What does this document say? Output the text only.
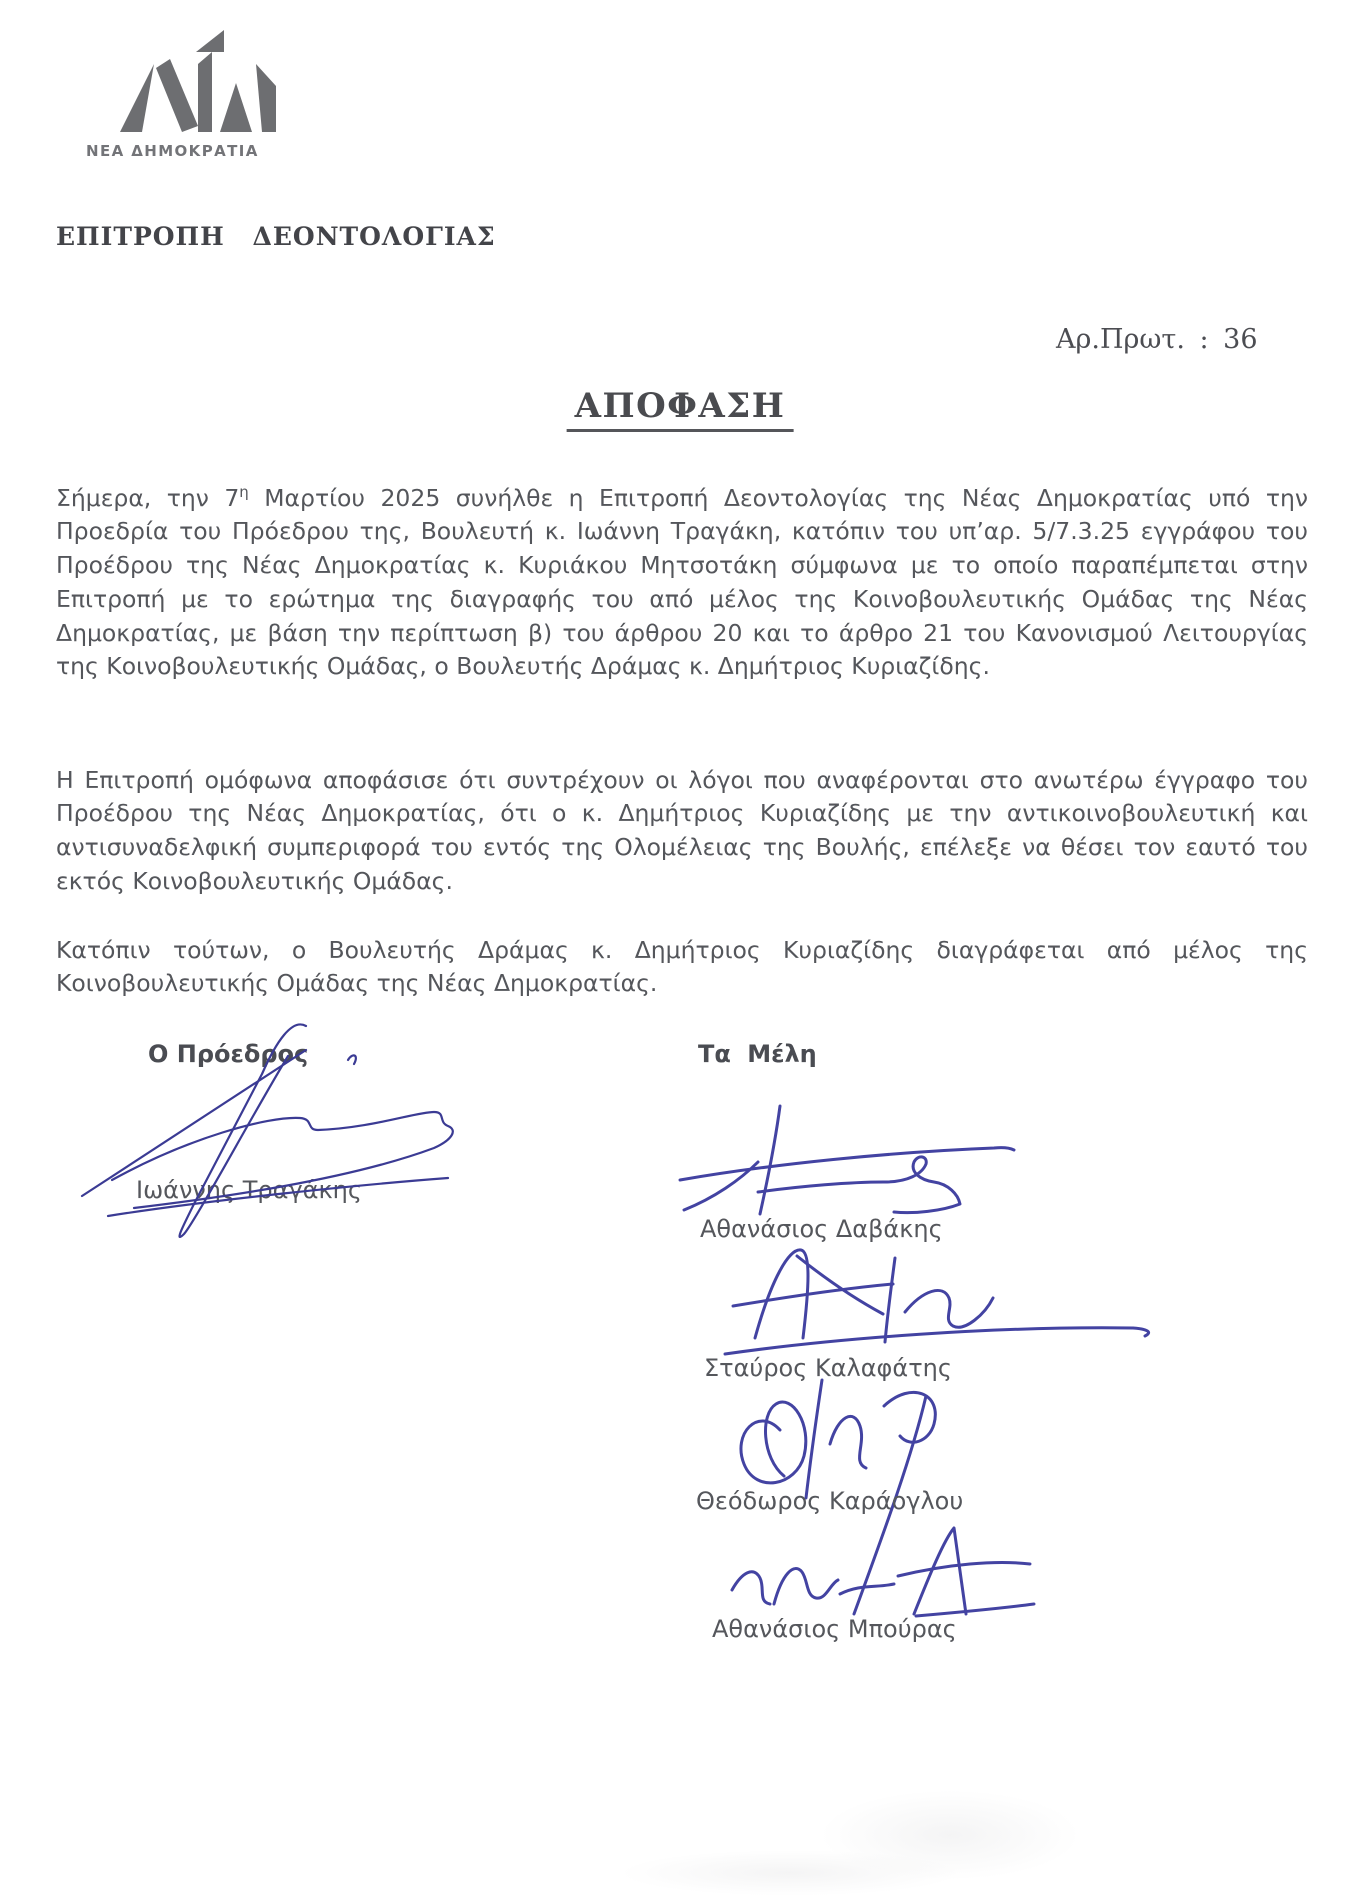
ΝΕΑ ΔΗΜΟΚΡΑΤΙΑ
ΕΠΙΤΡΟΠΗ ΔΕΟΝΤΟΛΟΓΙΑΣ
Αρ.Πρωτ. : 36
ΑΠΟΦΑΣΗ

Σήμερα, την $7^\eta$ Μαρτίου 2025 συνήλθε η Επιτροπή Δεοντολογίας της Νέας Δημοκρατίας υπό την Προεδρία του Πρόεδρου της, Βουλευτή κ. Ιωάννη Τραγάκη, κατόπιν του υπ’αρ. 5/7.3.25 εγγράφου του Προέδρου της Νέας Δημοκρατίας κ. Κυριάκου Μητσοτάκη σύμφωνα με το οποίο παραπέμπεται στην Επιτροπή με το ερώτημα της διαγραφής του από μέλος της Κοινοβουλευτικής Ομάδας της Νέας Δημοκρατίας, με βάση την περίπτωση β) του άρθρου 20 και το άρθρο 21 του Κανονισμού Λειτουργίας της Κοινοβουλευτικής Ομάδας, ο Βουλευτής Δράμας κ. Δημήτριος Κυριαζίδης.

Η Επιτροπή ομόφωνα αποφάσισε ότι συντρέχουν οι λόγοι που αναφέρονται στο ανωτέρω έγγραφο του Προέδρου της Νέας Δημοκρατίας, ότι ο κ. Δημήτριος Κυριαζίδης με την αντικοινοβουλευτική και αντισυναδελφική συμπεριφορά του εντός της Ολομέλειας της Βουλής, επέλεξε να θέσει τον εαυτό του εκτός Κοινοβουλευτικής Ομάδας.

Κατόπιν τούτων, ο Βουλευτής Δράμας κ. Δημήτριος Κυριαζίδης διαγράφεται από μέλος της Κοινοβουλευτικής Ομάδας της Νέας Δημοκρατίας.

Ο Πρόεδρος	Τα Μέλη
Ιωάννης Τραγάκης
Αθανάσιος Δαβάκης
Σταύρος Καλαφάτης
Θεόδωρος Καράογλου
Αθανάσιος Μπούρας
